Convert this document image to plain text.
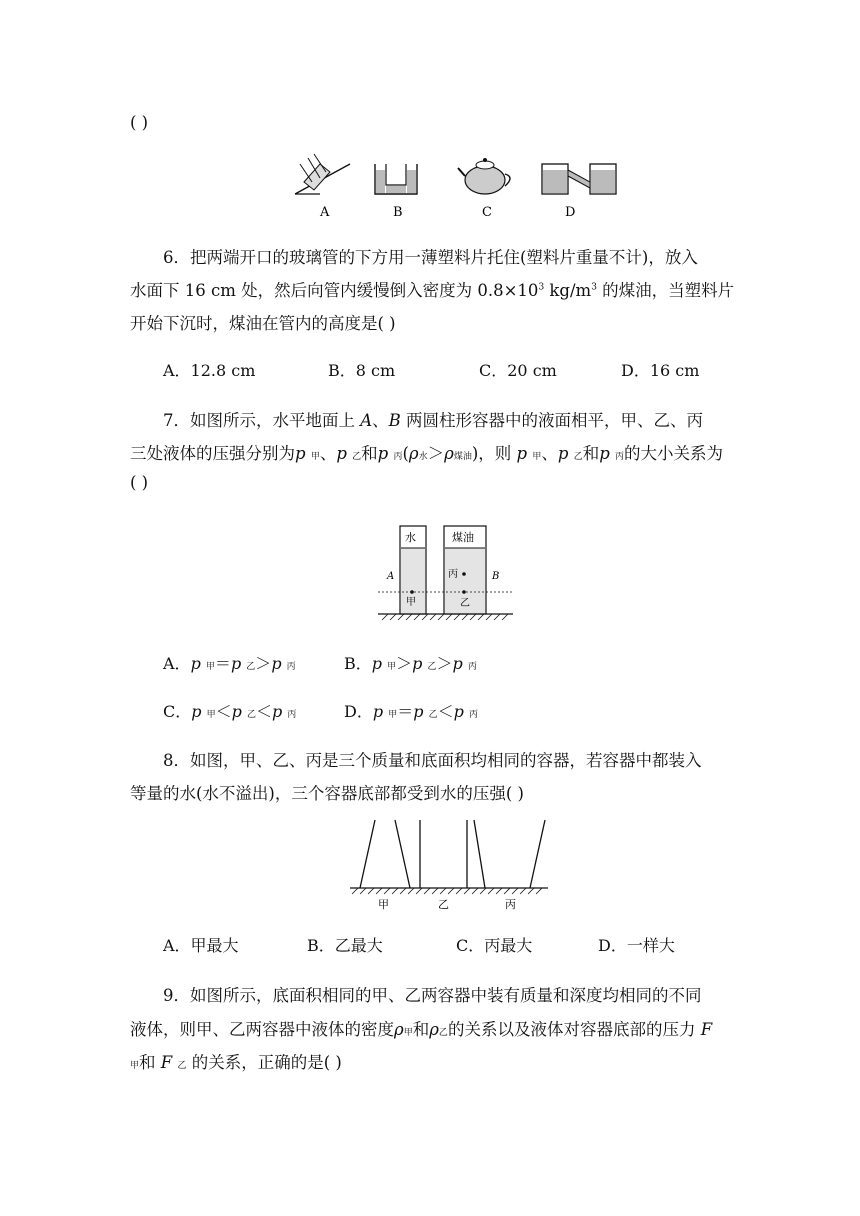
( )
A	B	C	D
6．把两端开口的玻璃管的下方用一薄塑料片托住(塑料片重量不计)，放入
水面下 16 cm 处，然后向管内缓慢倒入密度为 $0.8\times 10^3$ $kg/m^3$ 的煤油，当塑料片
开始下沉时，煤油在管内的高度是( )
A．12.8 cm	B．8 cm	C．20 cm	D．16 cm
7．如图所示，水平地面上 A、B 两圆柱形容器中的液面相平，甲、乙、丙
三处液体的压强分别为p 甲、p 乙和p 丙(ρ水＞ρ煤油)，则 p 甲、p 乙和p 丙的大小关系为
( )
水	煤油
A	B
丙
甲	乙
A．p 甲＝p 乙＞p 丙	B．p 甲＞p 乙＞p 丙
C．p 甲＜p 乙＜p 丙	D．p 甲＝p 乙＜p 丙
8．如图，甲、乙、丙是三个质量和底面积均相同的容器，若容器中都装入
等量的水(水不溢出)，三个容器底部都受到水的压强( )
甲	乙	丙
A．甲最大	B．乙最大	C．丙最大	D．一样大
9．如图所示，底面积相同的甲、乙两容器中装有质量和深度均相同的不同
液体，则甲、乙两容器中液体的密度ρ甲和ρ乙的关系以及液体对容器底部的压力 F
甲和 F 乙 的关系，正确的是( )
